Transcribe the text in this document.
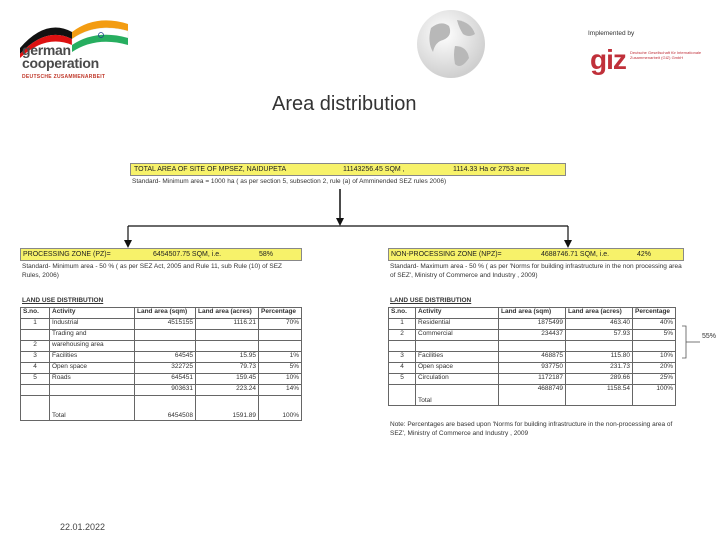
german
cooperation
DEUTSCHE ZUSAMMENARBEIT
Implemented by
giz Deutsche Gesellschaft für Internationale Zusammenarbeit (GIZ) GmbH
Area distribution
TOTAL AREA OF SITE OF MPSEZ, NAIDUPETA	11143256.45 SQM ,	1114.33 Ha or 2753 acre
Standard- Minimum area = 1000 ha ( as per section 5, subsection 2, rule (a) of Amminended SEZ rules 2006)
PROCESSING ZONE (PZ)=	6454507.75 SQM, i.e.	58%
Standard- Minimum area - 50 % ( as per SEZ Act, 2005 and Rule 11, sub Rule (10) of SEZ Rules, 2006)
LAND USE DISTRIBUTION
S.no.	Activity	Land area (sqm)	Land area (acres)	Percentage
1	Industrial	4515155	1116.21	70%
	Trading and			
2	warehousing area			
3	Facilities	64545	15.95	1%
4	Open space	322725	79.73	5%
5	Roads	645451	159.45	10%
		903631	223.24	14%
	Total	6454508	1591.89	100%
NON-PROCESSING ZONE (NPZ)=	4688746.71 SQM, i.e.	42%
Standard- Maximum area - 50 % ( as per 'Norms for building infrastructure in the non processing area of SEZ', Ministry of Commerce and Industry , 2009)
LAND USE DISTRIBUTION
S.no.	Activity	Land area (sqm)	Land area (acres)	Percentage
1	Residential	1875499	463.40	40%
2	Commercial	234437	57.93	5%

3	Facilities	468875	115.80	10%
4	Open space	937750	231.73	20%
5	Circulation	1172187	289.66	25%
	Total	4688749	1158.54	100%
Note: Percentages are based upon 'Norms for building infrastructure in the non-processing area of SEZ', Ministry of Commerce and Industry , 2009
55%
22.01.2022
